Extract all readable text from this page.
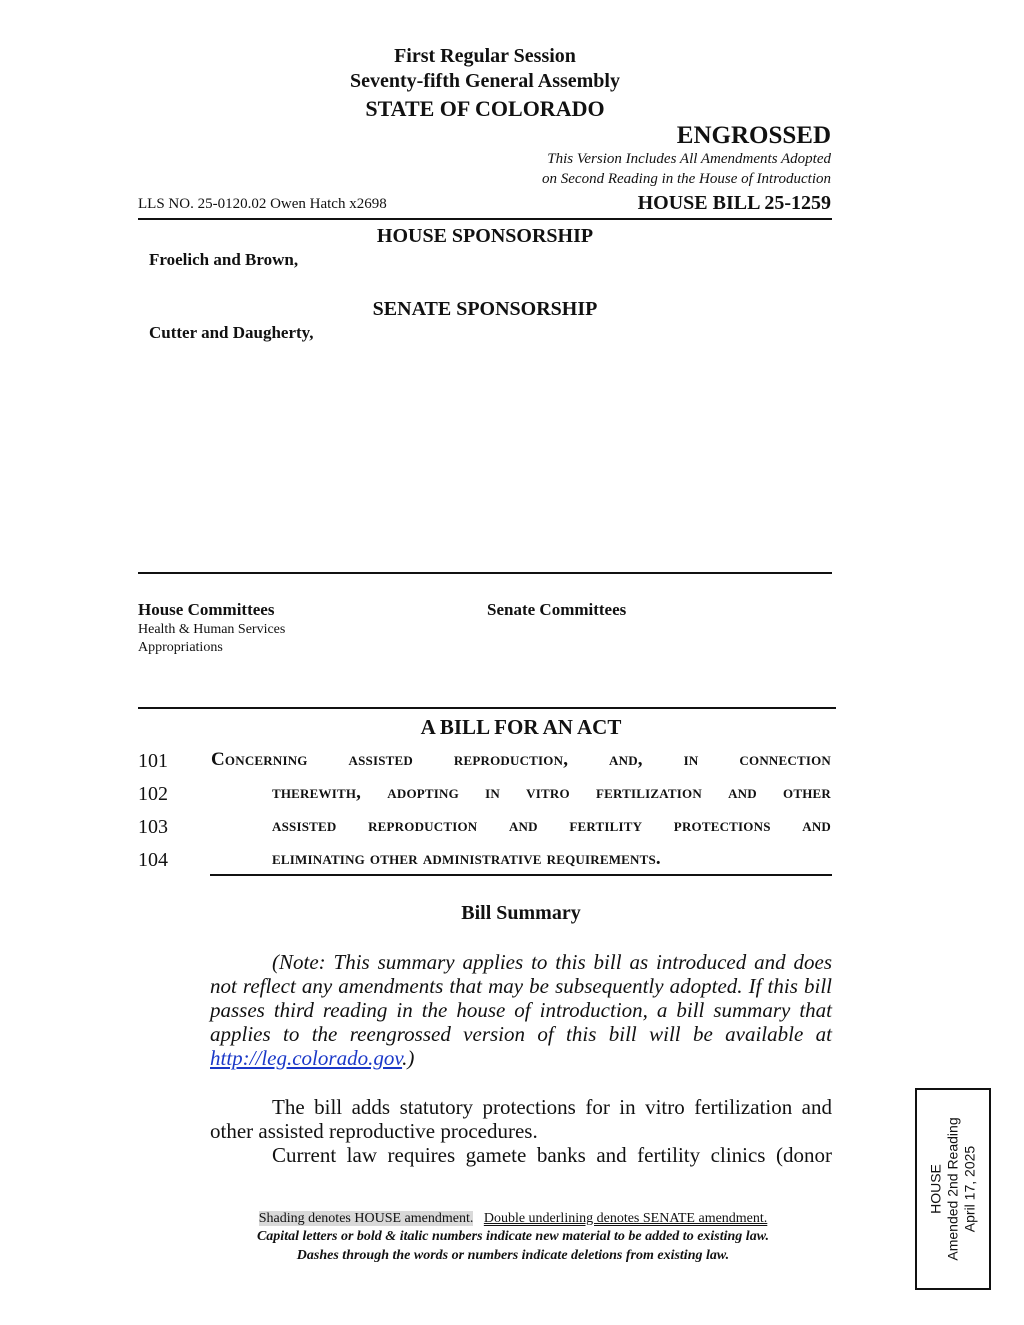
First Regular Session
Seventy-fifth General Assembly
STATE OF COLORADO
ENGROSSED
This Version Includes All Amendments Adopted
on Second Reading in the House of Introduction
LLS NO. 25-0120.02 Owen Hatch x2698	HOUSE BILL 25-1259
HOUSE SPONSORSHIP
Froelich and Brown,
SENATE SPONSORSHIP
Cutter and Daugherty,
House Committees
Health & Human Services
Appropriations
Senate Committees
A BILL FOR AN ACT
101 Concerning assisted reproduction, and, in connection
102	therewith, adopting in vitro fertilization and other
103	assisted reproduction and fertility protections and
104	eliminating other administrative requirements.
Bill Summary
(Note: This summary applies to this bill as introduced and does not reflect any amendments that may be subsequently adopted. If this bill passes third reading in the house of introduction, a bill summary that applies to the reengrossed version of this bill will be available at http://leg.colorado.gov.)
The bill adds statutory protections for in vitro fertilization and other assisted reproductive procedures.
Current law requires gamete banks and fertility clinics (donor
HOUSE Amended 2nd Reading April 17, 2025
Shading denotes HOUSE amendment. Double underlining denotes SENATE amendment.
Capital letters or bold & italic numbers indicate new material to be added to existing law.
Dashes through the words or numbers indicate deletions from existing law.
